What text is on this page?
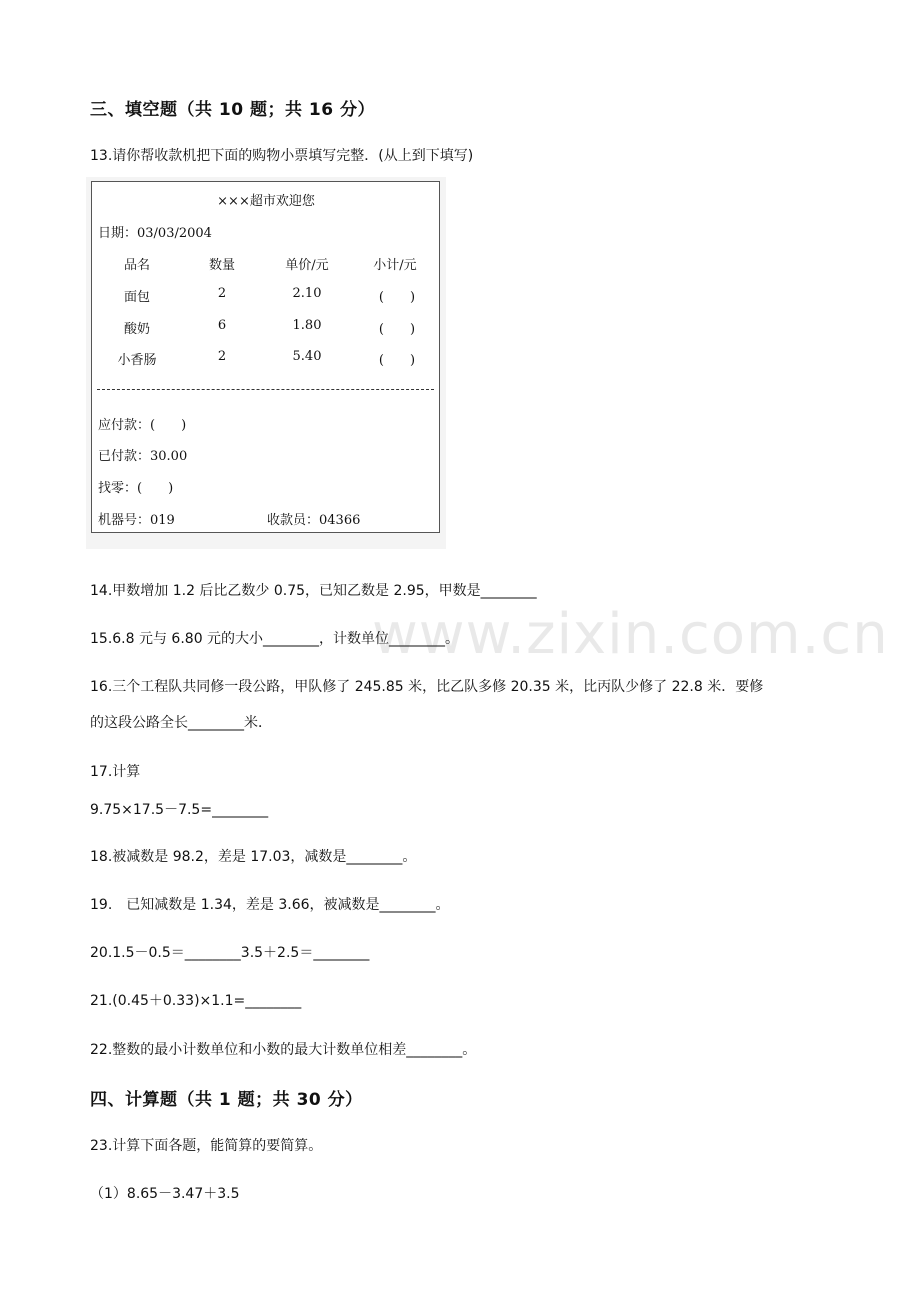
www.zixin.com.cn
三、填空题（共 10 题；共 16 分）
13.请你帮收款机把下面的购物小票填写完整．(从上到下填写)
×××超市欢迎您
日期：03/03/2004
品名	数量	单价/元	小计/元
面包	2	2.10	(　　)
酸奶	6	1.80	(　　)
小香肠	2	5.40	(　　)
应付款：(　　)
已付款：30.00
找零：(　　)
机器号：019	收款员：04366
14.甲数增加 1.2 后比乙数少 0.75，已知乙数是 2.95，甲数是________
15.6.8 元与 6.80 元的大小________，计数单位________。
16.三个工程队共同修一段公路，甲队修了 245.85 米，比乙队多修 20.35 米，比丙队少修了 22.8 米．要修
的这段公路全长________米．
17.计算
9.75×17.5－7.5=________
18.被减数是 98.2，差是 17.03，减数是________。
19.　已知减数是 1.34，差是 3.66，被减数是________。
20.1.5－0.5＝________3.5＋2.5＝________
21.(0.45＋0.33)×1.1=________
22.整数的最小计数单位和小数的最大计数单位相差________。
四、计算题（共 1 题；共 30 分）
23.计算下面各题，能简算的要简算。
（1）8.65－3.47＋3.5
